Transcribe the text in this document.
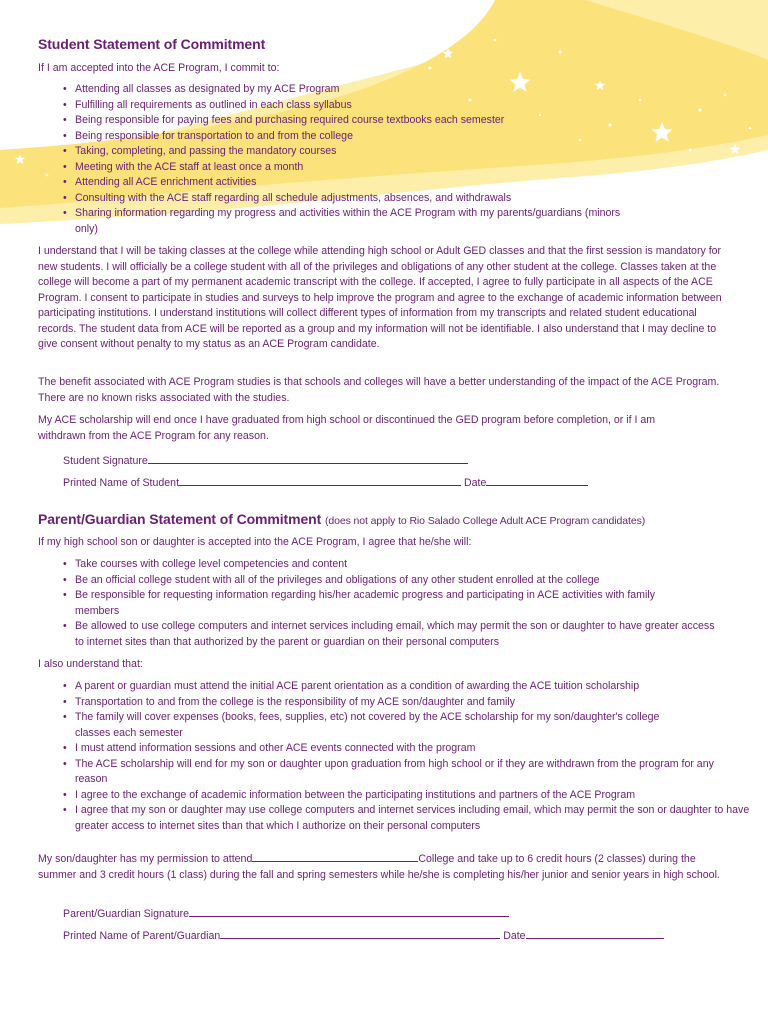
Student Statement of Commitment

If I am accepted into the ACE Program, I commit to:

• Attending all classes as designated by my ACE Program
• Fulfilling all requirements as outlined in each class syllabus
• Being responsible for paying fees and purchasing required course textbooks each semester
• Being responsible for transportation to and from the college
• Taking, completing, and passing the mandatory courses
• Meeting with the ACE staff at least once a month
• Attending all ACE enrichment activities
• Consulting with the ACE staff regarding all schedule adjustments, absences, and withdrawals
• Sharing information regarding my progress and activities within the ACE Program with my parents/guardians (minors only)

I understand that I will be taking classes at the college while attending high school or Adult GED classes and that the first session is mandatory for new students. I will officially be a college student with all of the privileges and obligations of any other student at the college. Classes taken at the college will become a part of my permanent academic transcript with the college. If accepted, I agree to fully participate in all aspects of the ACE Program. I consent to participate in studies and surveys to help improve the program and agree to the exchange of academic information between participating institutions. I understand institutions will collect different types of information from my transcripts and related student educational records. The student data from ACE will be reported as a group and my information will not be identifiable. I also understand that I may decline to give consent without penalty to my status as an ACE Program candidate.

The benefit associated with ACE Program studies is that schools and colleges will have a better understanding of the impact of the ACE Program. There are no known risks associated with the studies.

My ACE scholarship will end once I have graduated from high school or discontinued the GED program before completion, or if I am withdrawn from the ACE Program for any reason.

Student Signature
Printed Name of Student	Date
Parent/Guardian Statement of Commitment (does not apply to Rio Salado College Adult ACE Program candidates)

If my high school son or daughter is accepted into the ACE Program, I agree that he/she will:

• Take courses with college level competencies and content
• Be an official college student with all of the privileges and obligations of any other student enrolled at the college
• Be responsible for requesting information regarding his/her academic progress and participating in ACE activities with family members
• Be allowed to use college computers and internet services including email, which may permit the son or daughter to have greater access to internet sites than that authorized by the parent or guardian on their personal computers

I also understand that:

• A parent or guardian must attend the initial ACE parent orientation as a condition of awarding the ACE tuition scholarship
• Transportation to and from the college is the responsibility of my ACE son/daughter and family
• The family will cover expenses (books, fees, supplies, etc) not covered by the ACE scholarship for my son/daughter's college classes each semester
• I must attend information sessions and other ACE events connected with the program
• The ACE scholarship will end for my son or daughter upon graduation from high school or if they are withdrawn from the program for any reason
• I agree to the exchange of academic information between the participating institutions and partners of the ACE Program
• I agree that my son or daughter may use college computers and internet services including email, which may permit the son or daughter to have greater access to internet sites than that which I authorize on their personal computers

My son/daughter has my permission to attend	College and take up to 6 credit hours (2 classes) during the summer and 3 credit hours (1 class) during the fall and spring semesters while he/she is completing his/her junior and senior years in high school.

Parent/Guardian Signature
Printed Name of Parent/Guardian	Date
